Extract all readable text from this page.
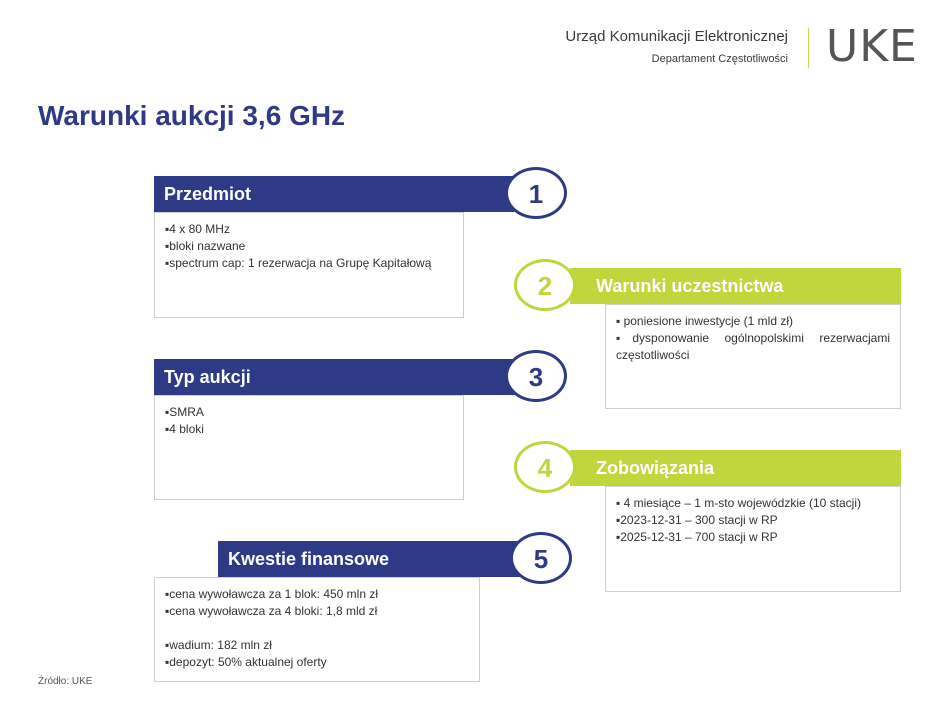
Urząd Komunikacji Elektronicznej
Departament Częstotliwości UKE
Warunki aukcji 3,6 GHz
Przedmiot	1

▪4 x 80 MHz

▪bloki nazwane

▪spectrum cap: 1 rezerwacja na Grupę Kapitałową

Warunki uczestnictwa
2

▪ poniesione inwestycje (1 mld zł)

▪dysponowanie ogólnopolskimi rezerwacjami częstotliwości

Typ aukcji	3

▪SMRA

▪4 bloki

Zobowiązania
4

▪ 4 miesiące – 1 m-sto wojewódzkie (10 stacji)

▪2023-12-31 – 300 stacji w RP

▪2025-12-31 – 700 stacji w RP

Kwestie finansowe	5

▪cena wywoławcza za 1 blok: 450 mln zł

▪cena wywoławcza za 4 bloki: 1,8 mld zł

▪wadium: 182 mln zł

▪depozyt: 50% aktualnej oferty

Źródło: UKE
